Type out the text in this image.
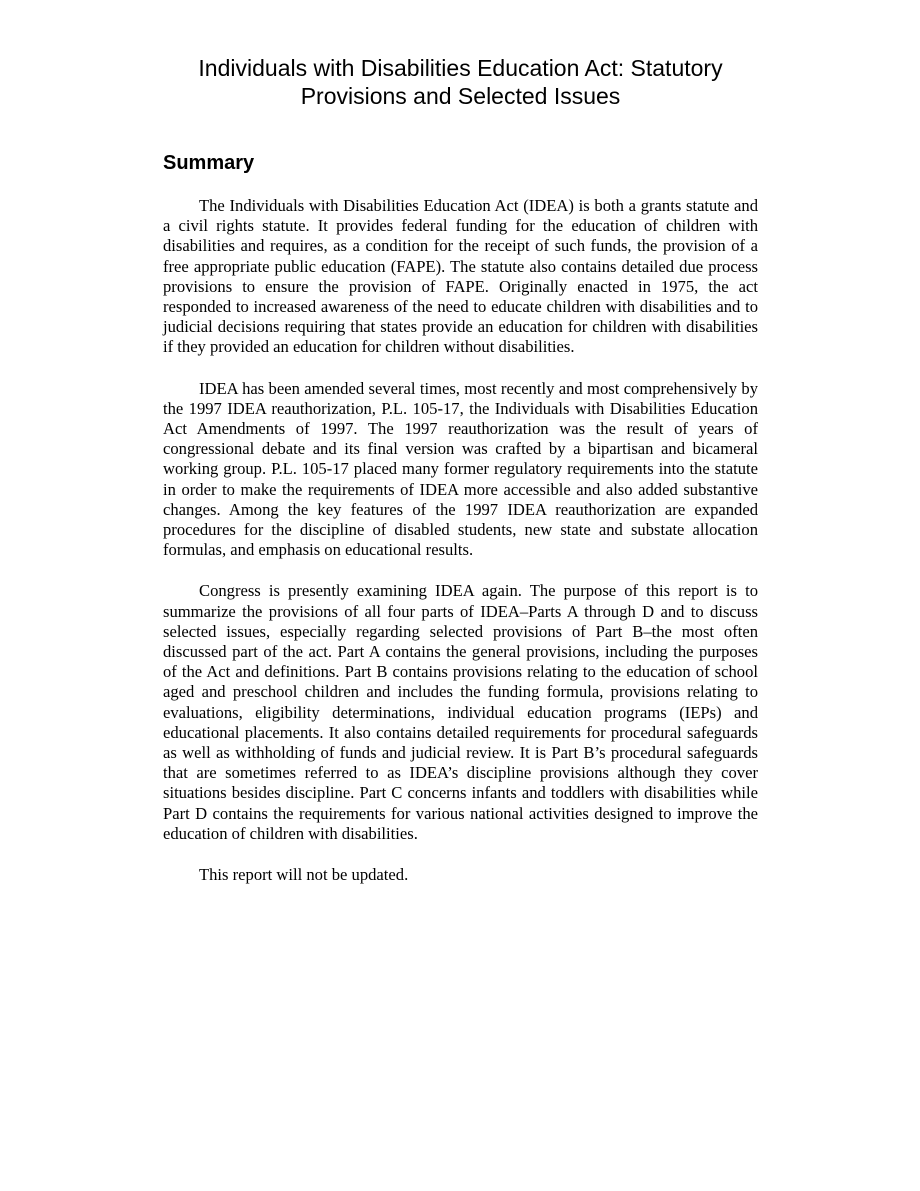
Individuals with Disabilities Education Act: Statutory
Provisions and Selected Issues
Summary

The Individuals with Disabilities Education Act (IDEA) is both a grants statute and a civil rights statute. It provides federal funding for the education of children with disabilities and requires, as a condition for the receipt of such funds, the provision of a free appropriate public education (FAPE). The statute also contains detailed due process provisions to ensure the provision of FAPE. Originally enacted in 1975, the act responded to increased awareness of the need to educate children with disabilities and to judicial decisions requiring that states provide an education for children with disabilities if they provided an education for children without disabilities.

IDEA has been amended several times, most recently and most comprehensively by the 1997 IDEA reauthorization, P.L. 105-17, the Individuals with Disabilities Education Act Amendments of 1997. The 1997 reauthorization was the result of years of congressional debate and its final version was crafted by a bipartisan and bicameral working group. P.L. 105-17 placed many former regulatory requirements into the statute in order to make the requirements of IDEA more accessible and also added substantive changes. Among the key features of the 1997 IDEA reauthorization are expanded procedures for the discipline of disabled students, new state and substate allocation formulas, and emphasis on educational results.

Congress is presently examining IDEA again. The purpose of this report is to summarize the provisions of all four parts of IDEA–Parts A through D and to discuss selected issues, especially regarding selected provisions of Part B–the most often discussed part of the act. Part A contains the general provisions, including the purposes of the Act and definitions. Part B contains provisions relating to the education of school aged and preschool children and includes the funding formula, provisions relating to evaluations, eligibility determinations, individual education programs (IEPs) and educational placements. It also contains detailed requirements for procedural safeguards as well as withholding of funds and judicial review. It is Part B’s procedural safeguards that are sometimes referred to as IDEA’s discipline provisions although they cover situations besides discipline. Part C concerns infants and toddlers with disabilities while Part D contains the requirements for various national activities designed to improve the education of children with disabilities.

This report will not be updated.
